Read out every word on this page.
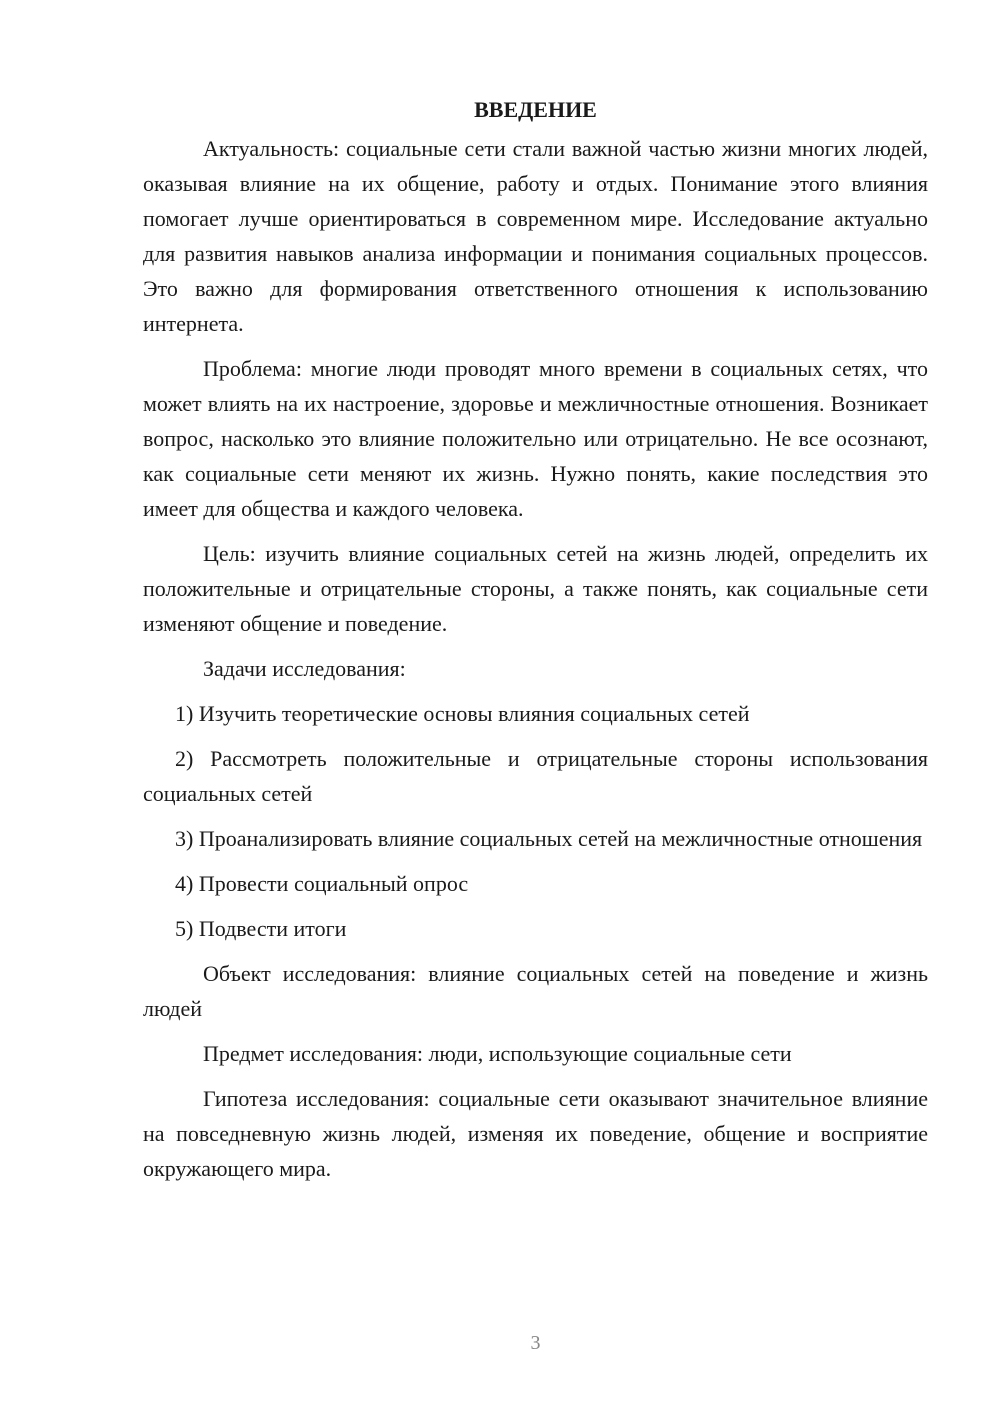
ВВЕДЕНИЕ

Актуальность: социальные сети стали важной частью жизни многих людей, оказывая влияние на их общение, работу и отдых. Понимание этого влияния помогает лучше ориентироваться в современном мире. Исследование актуально для развития навыков анализа информации и понимания социальных процессов. Это важно для формирования ответственного отношения к использованию интернета.

Проблема: многие люди проводят много времени в социальных сетях, что может влиять на их настроение, здоровье и межличностные отношения. Возникает вопрос, насколько это влияние положительно или отрицательно. Не все осознают, как социальные сети меняют их жизнь. Нужно понять, какие последствия это имеет для общества и каждого человека.

Цель: изучить влияние социальных сетей на жизнь людей, определить их положительные и отрицательные стороны, а также понять, как социальные сети изменяют общение и поведение.

Задачи исследования:

1) Изучить теоретические основы влияния социальных сетей

2) Рассмотреть положительные и отрицательные стороны использования социальных сетей

3) Проанализировать влияние социальных сетей на межличностные отношения

4) Провести социальный опрос

5) Подвести итоги

Объект исследования: влияние социальных сетей на поведение и жизнь людей

Предмет исследования: люди, использующие социальные сети

Гипотеза исследования: социальные сети оказывают значительное влияние на повседневную жизнь людей, изменяя их поведение, общение и восприятие окружающего мира.

3
